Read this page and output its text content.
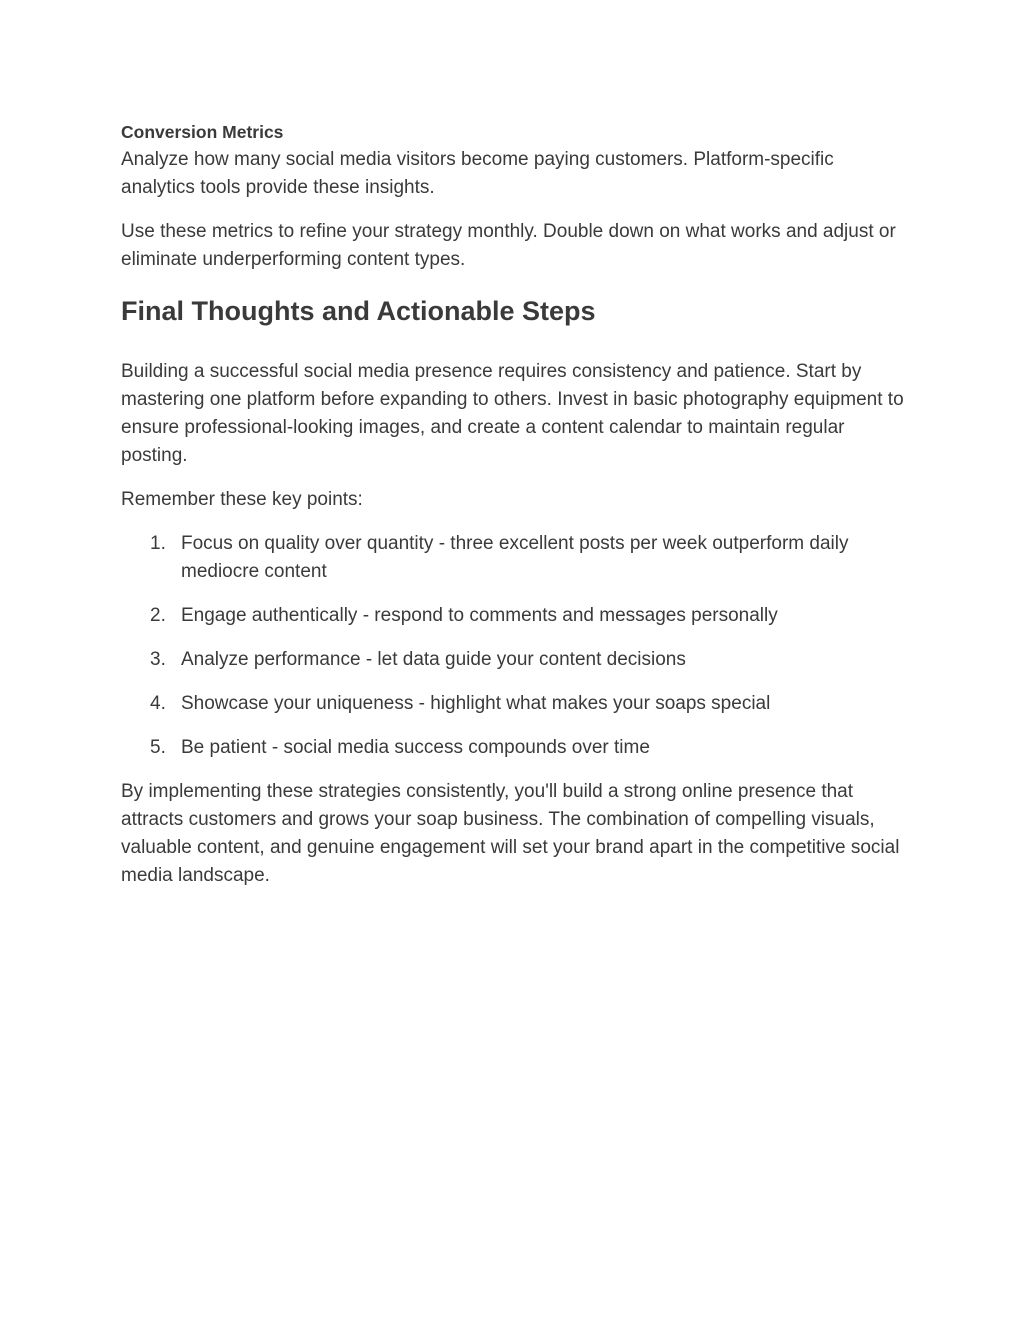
Conversion Metrics

Analyze how many social media visitors become paying customers. Platform-specific analytics tools provide these insights.

Use these metrics to refine your strategy monthly. Double down on what works and adjust or eliminate underperforming content types.

Final Thoughts and Actionable Steps

Building a successful social media presence requires consistency and patience. Start by mastering one platform before expanding to others. Invest in basic photography equipment to ensure professional-looking images, and create a content calendar to maintain regular posting.

Remember these key points:

1. Focus on quality over quantity - three excellent posts per week outperform daily mediocre content
2. Engage authentically - respond to comments and messages personally
3. Analyze performance - let data guide your content decisions
4. Showcase your uniqueness - highlight what makes your soaps special
5. Be patient - social media success compounds over time

By implementing these strategies consistently, you'll build a strong online presence that attracts customers and grows your soap business. The combination of compelling visuals, valuable content, and genuine engagement will set your brand apart in the competitive social media landscape.
